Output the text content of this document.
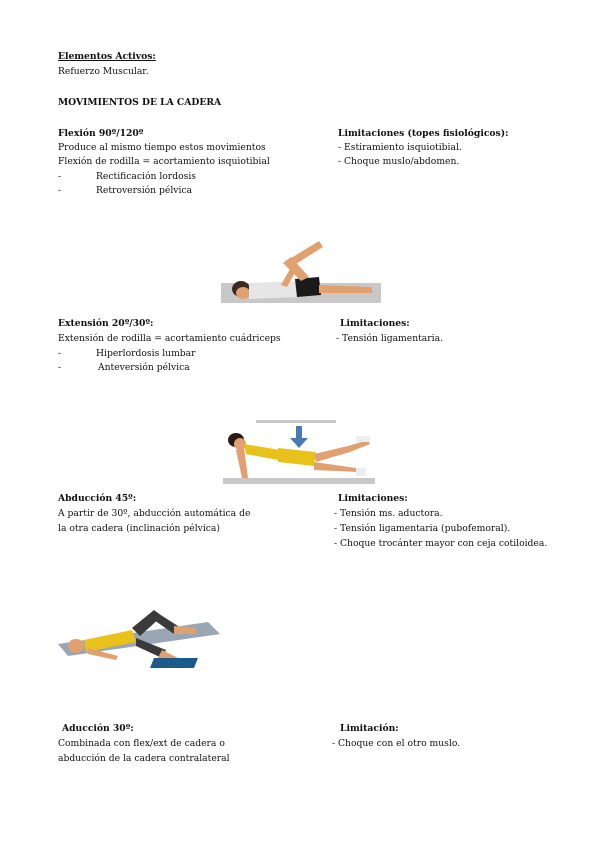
Elementos Activos:
Refuerzo Muscular.
MOVIMIENTOS DE LA CADERA
Flexión 90º/120º
Produce al mismo tiempo estos movimientos
Flexión de rodilla = acortamiento isquiotibial
-	Rectificación lordosis
-	Retroversión pélvica
Limitaciones (topes fisiológicos):
- Estiramiento isquiotibial.
- Choque muslo/abdomen.
Extensión 20º/30º:
Extensión de rodilla = acortamiento cuádriceps
-	Hiperlordosis lumbar
-	Anteversión pélvica
Limitaciones:
- Tensión ligamentaria.
Abducción 45º:
A partir de 30º, abducción automática de
la otra cadera (inclinación pélvica)
Limitaciones:
- Tensión ms. aductora.
- Tensión ligamentaria (pubofemoral).
- Choque trocánter mayor con ceja cotiloidea.
Aducción 30º:
Combinada con flex/ext de cadera o
abducción de la cadera contralateral
Limitación:
- Choque con el otro muslo.
